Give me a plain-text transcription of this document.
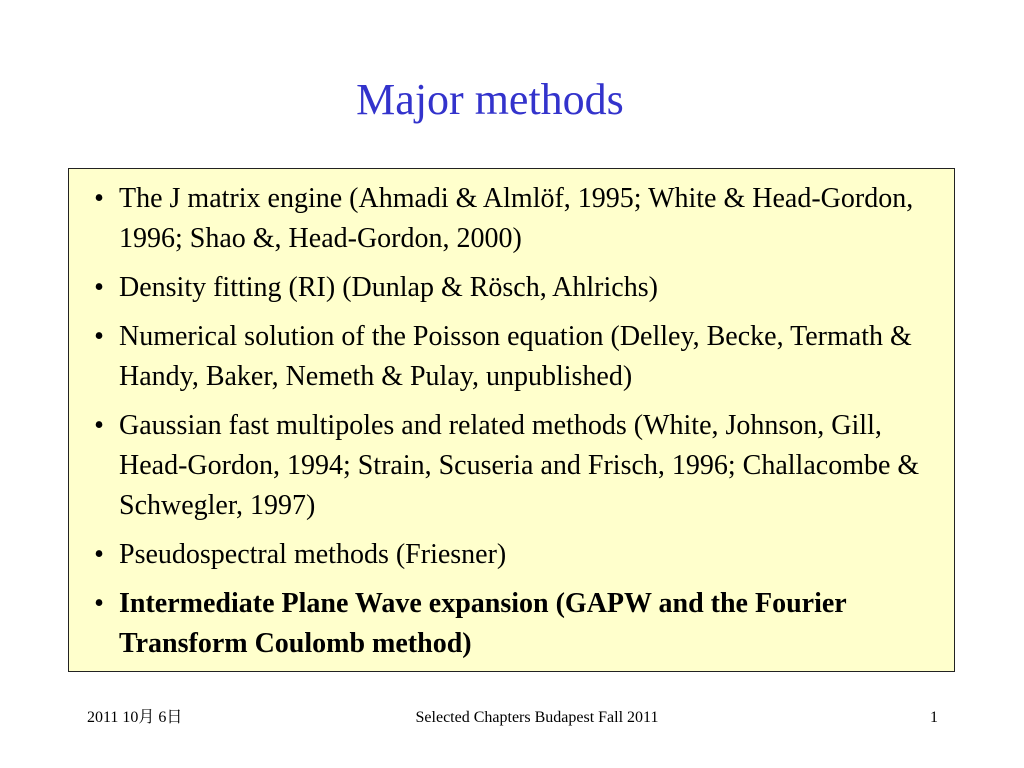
Major methods
• The J matrix engine (Ahmadi & Almlöf, 1995; White & Head-Gordon, 1996; Shao &, Head-Gordon, 2000)
• Density fitting (RI) (Dunlap & Rösch, Ahlrichs)
• Numerical solution of the Poisson equation (Delley, Becke, Termath & Handy, Baker, Nemeth & Pulay, unpublished)
• Gaussian fast multipoles and related methods (White, Johnson, Gill, Head-Gordon, 1994; Strain, Scuseria and Frisch, 1996; Challacombe & Schwegler, 1997)
• Pseudospectral methods (Friesner)
• Intermediate Plane Wave expansion (GAPW and the Fourier Transform Coulomb method)
2011 10月 6日	Selected Chapters Budapest Fall 2011	1
